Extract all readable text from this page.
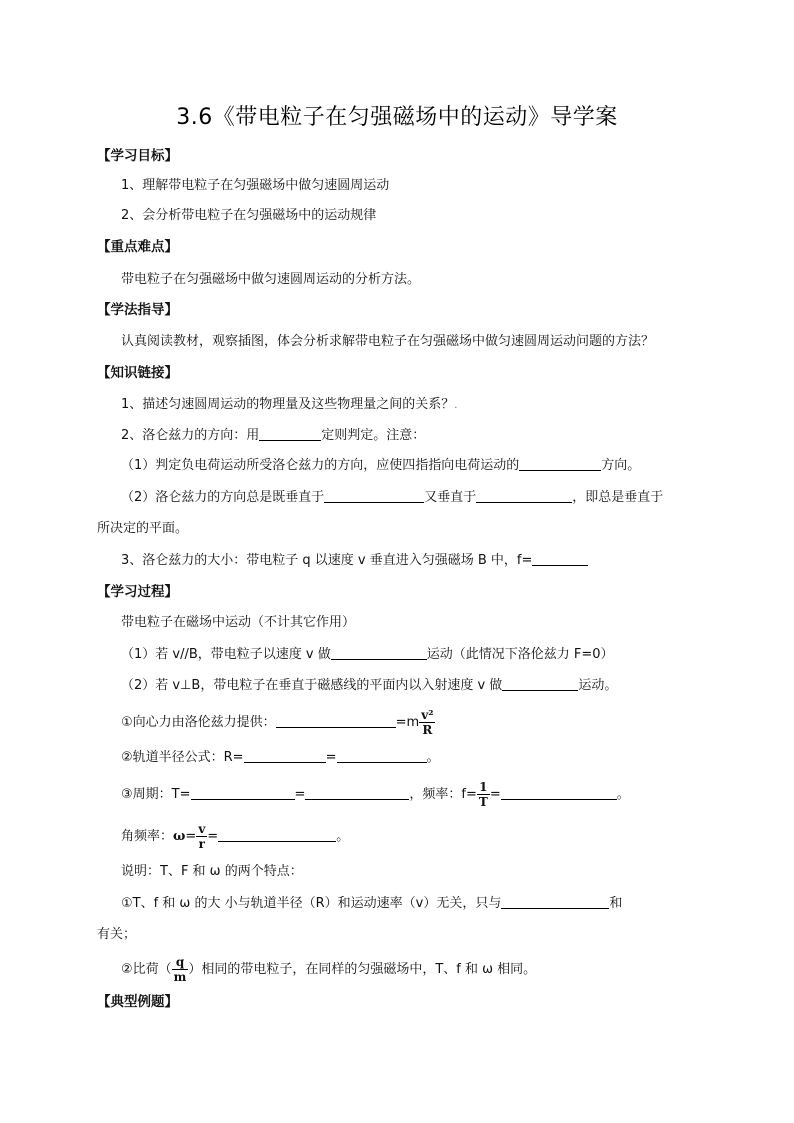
3.6《带电粒子在匀强磁场中的运动》导学案
【学习目标】
1、理解带电粒子在匀强磁场中做匀速圆周运动
2、会分析带电粒子在匀强磁场中的运动规律
【重点难点】
带电粒子在匀强磁场中做匀速圆周运动的分析方法。
【学法指导】
认真阅读教材，观察插图，体会分析求解带电粒子在匀强磁场中做匀速圆周运动问题的方法？
【知识链接】
1、描述匀速圆周运动的物理量及这些物理量之间的关系？.
2、洛仑兹力的方向：用	定则判定。注意：
（1）判定负电荷运动所受洛仑兹力的方向，应使四指指向电荷运动的	方向。
（2）洛仑兹力的方向总是既垂直于	又垂直于	，即总是垂直于
所决定的平面。
3、洛仑兹力的大小：带电粒子 q 以速度 v 垂直进入匀强磁场 B 中，f=
【学习过程】
带电粒子在磁场中运动（不计其它作用）
（1）若 v//B，带电粒子以速度 v 做	运动（此情况下洛伦兹力 F=0）
（2）若 v⊥B，带电粒子在垂直于磁感线的平面内以入射速度 v 做	运动。
①向心力由洛伦兹力提供：	$=m \frac{\text{v²}}{R}$
②轨道半径公式：R=	=	。
③周期：T=	=	，频率：$f= \frac{1}{T}$ =	。
角频率：$\omega= \frac{v}{r}$ =	。
说明：T、F 和 ω 的两个特点：
①T、f 和 ω 的大 小与轨道半径（R）和运动速率（v）无关，只与	和
有关；
②比荷（ $\frac{q}{m}$ ）相同的带电粒子，在同样的匀强磁场中，T、f 和 ω 相同。
【典型例题】
